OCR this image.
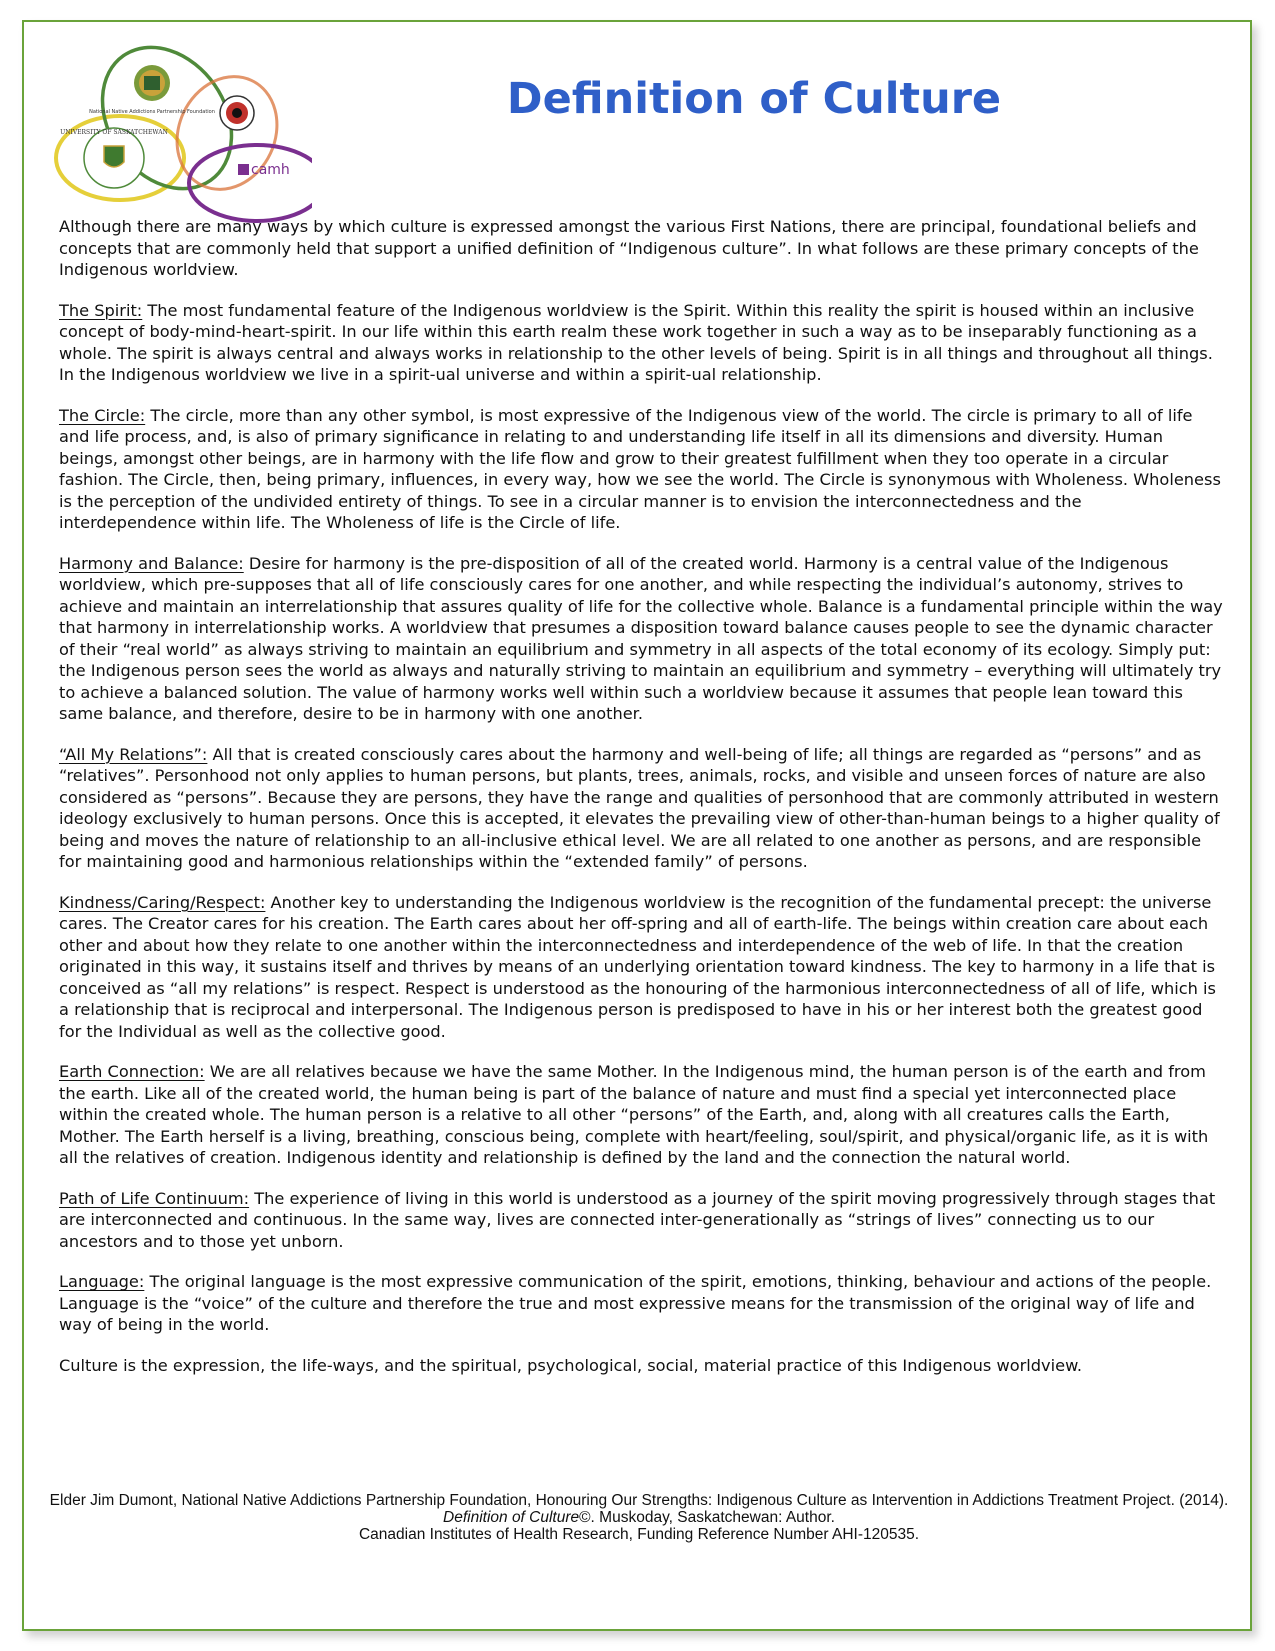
National Native Addictions Partnership Foundation
UNIVERSITY OF SASKATCHEWAN
camh
Definition of Culture

Although there are many ways by which culture is expressed amongst the various First Nations, there are principal, foundational beliefs and concepts that are commonly held that support a unified definition of “Indigenous culture”. In what follows are these primary concepts of the Indigenous worldview.

The Spirit: The most fundamental feature of the Indigenous worldview is the Spirit. Within this reality the spirit is housed within an inclusive concept of body-mind-heart-spirit. In our life within this earth realm these work together in such a way as to be inseparably functioning as a whole. The spirit is always central and always works in relationship to the other levels of being. Spirit is in all things and throughout all things. In the Indigenous worldview we live in a spirit-ual universe and within a spirit-ual relationship.

The Circle: The circle, more than any other symbol, is most expressive of the Indigenous view of the world. The circle is primary to all of life and life process, and, is also of primary significance in relating to and understanding life itself in all its dimensions and diversity. Human beings, amongst other beings, are in harmony with the life flow and grow to their greatest fulfillment when they too operate in a circular fashion. The Circle, then, being primary, influences, in every way, how we see the world. The Circle is synonymous with Wholeness. Wholeness is the perception of the undivided entirety of things. To see in a circular manner is to envision the interconnectedness and the interdependence within life. The Wholeness of life is the Circle of life.

Harmony and Balance: Desire for harmony is the pre-disposition of all of the created world. Harmony is a central value of the Indigenous worldview, which pre-supposes that all of life consciously cares for one another, and while respecting the individual’s autonomy, strives to achieve and maintain an interrelationship that assures quality of life for the collective whole. Balance is a fundamental principle within the way that harmony in interrelationship works. A worldview that presumes a disposition toward balance causes people to see the dynamic character of their “real world” as always striving to maintain an equilibrium and symmetry in all aspects of the total economy of its ecology. Simply put: the Indigenous person sees the world as always and naturally striving to maintain an equilibrium and symmetry – everything will ultimately try to achieve a balanced solution. The value of harmony works well within such a worldview because it assumes that people lean toward this same balance, and therefore, desire to be in harmony with one another.

“All My Relations”: All that is created consciously cares about the harmony and well-being of life; all things are regarded as “persons” and as “relatives”. Personhood not only applies to human persons, but plants, trees, animals, rocks, and visible and unseen forces of nature are also considered as “persons”. Because they are persons, they have the range and qualities of personhood that are commonly attributed in western ideology exclusively to human persons. Once this is accepted, it elevates the prevailing view of other-than-human beings to a higher quality of being and moves the nature of relationship to an all-inclusive ethical level. We are all related to one another as persons, and are responsible for maintaining good and harmonious relationships within the “extended family” of persons.

Kindness/Caring/Respect: Another key to understanding the Indigenous worldview is the recognition of the fundamental precept: the universe cares. The Creator cares for his creation. The Earth cares about her off-spring and all of earth-life. The beings within creation care about each other and about how they relate to one another within the interconnectedness and interdependence of the web of life. In that the creation originated in this way, it sustains itself and thrives by means of an underlying orientation toward kindness. The key to harmony in a life that is conceived as “all my relations” is respect. Respect is understood as the honouring of the harmonious interconnectedness of all of life, which is a relationship that is reciprocal and interpersonal. The Indigenous person is predisposed to have in his or her interest both the greatest good for the Individual as well as the collective good.

Earth Connection: We are all relatives because we have the same Mother. In the Indigenous mind, the human person is of the earth and from the earth. Like all of the created world, the human being is part of the balance of nature and must find a special yet interconnected place within the created whole. The human person is a relative to all other “persons” of the Earth, and, along with all creatures calls the Earth, Mother. The Earth herself is a living, breathing, conscious being, complete with heart/feeling, soul/spirit, and physical/organic life, as it is with all the relatives of creation. Indigenous identity and relationship is defined by the land and the connection the natural world.

Path of Life Continuum: The experience of living in this world is understood as a journey of the spirit moving progressively through stages that are interconnected and continuous. In the same way, lives are connected inter-generationally as “strings of lives” connecting us to our ancestors and to those yet unborn.

Language: The original language is the most expressive communication of the spirit, emotions, thinking, behaviour and actions of the people. Language is the “voice” of the culture and therefore the true and most expressive means for the transmission of the original way of life and way of being in the world.

Culture is the expression, the life-ways, and the spiritual, psychological, social, material practice of this Indigenous worldview.

Elder Jim Dumont, National Native Addictions Partnership Foundation, Honouring Our Strengths: Indigenous Culture as Intervention in Addictions Treatment Project. (2014). Definition of Culture©. Muskoday, Saskatchewan: Author.
Canadian Institutes of Health Research, Funding Reference Number AHI-120535.
